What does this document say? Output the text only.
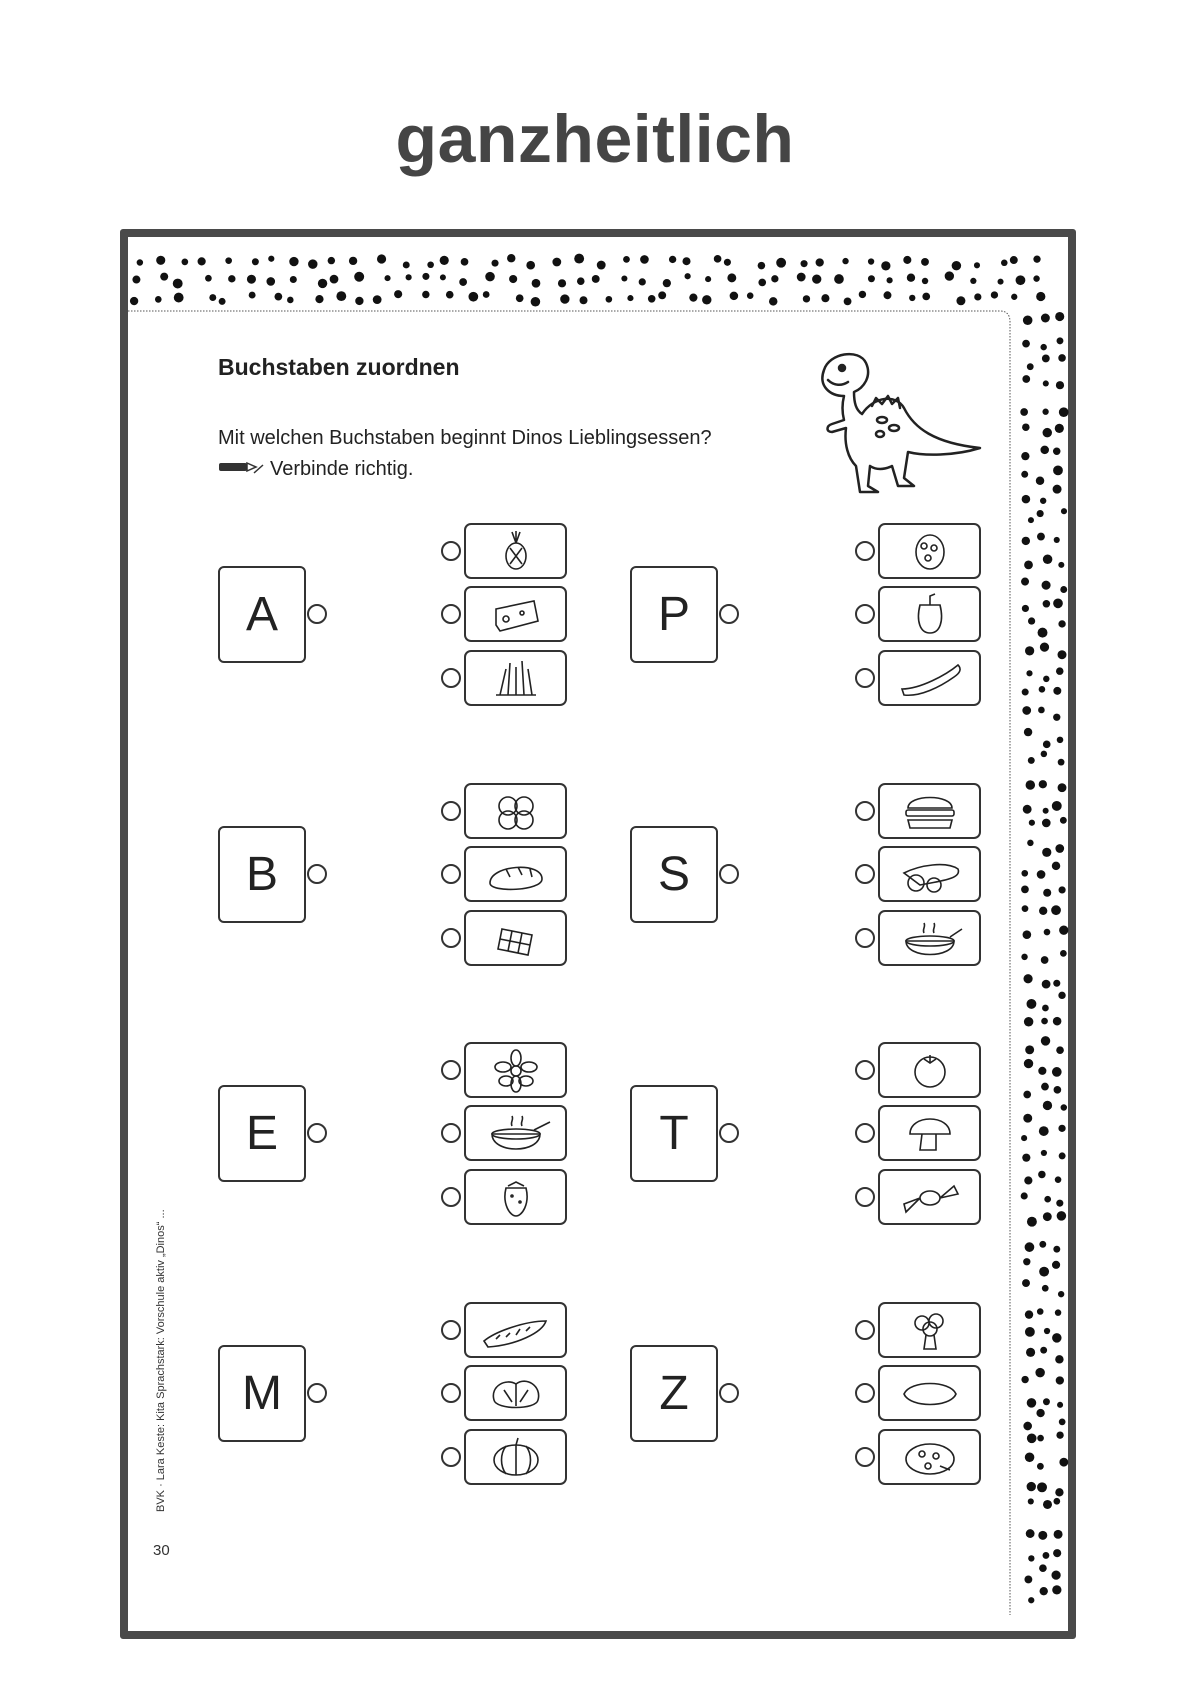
ganzheitlich
Buchstaben zuordnen
Mit welchen Buchstaben beginnt Dinos Lieblingsessen?
Verbinde richtig.
A	P
B	S
E	T
M	Z
BVK · Lara Keste: Kita Sprachstark: Vorschule aktiv „Dinos“ ...
30
